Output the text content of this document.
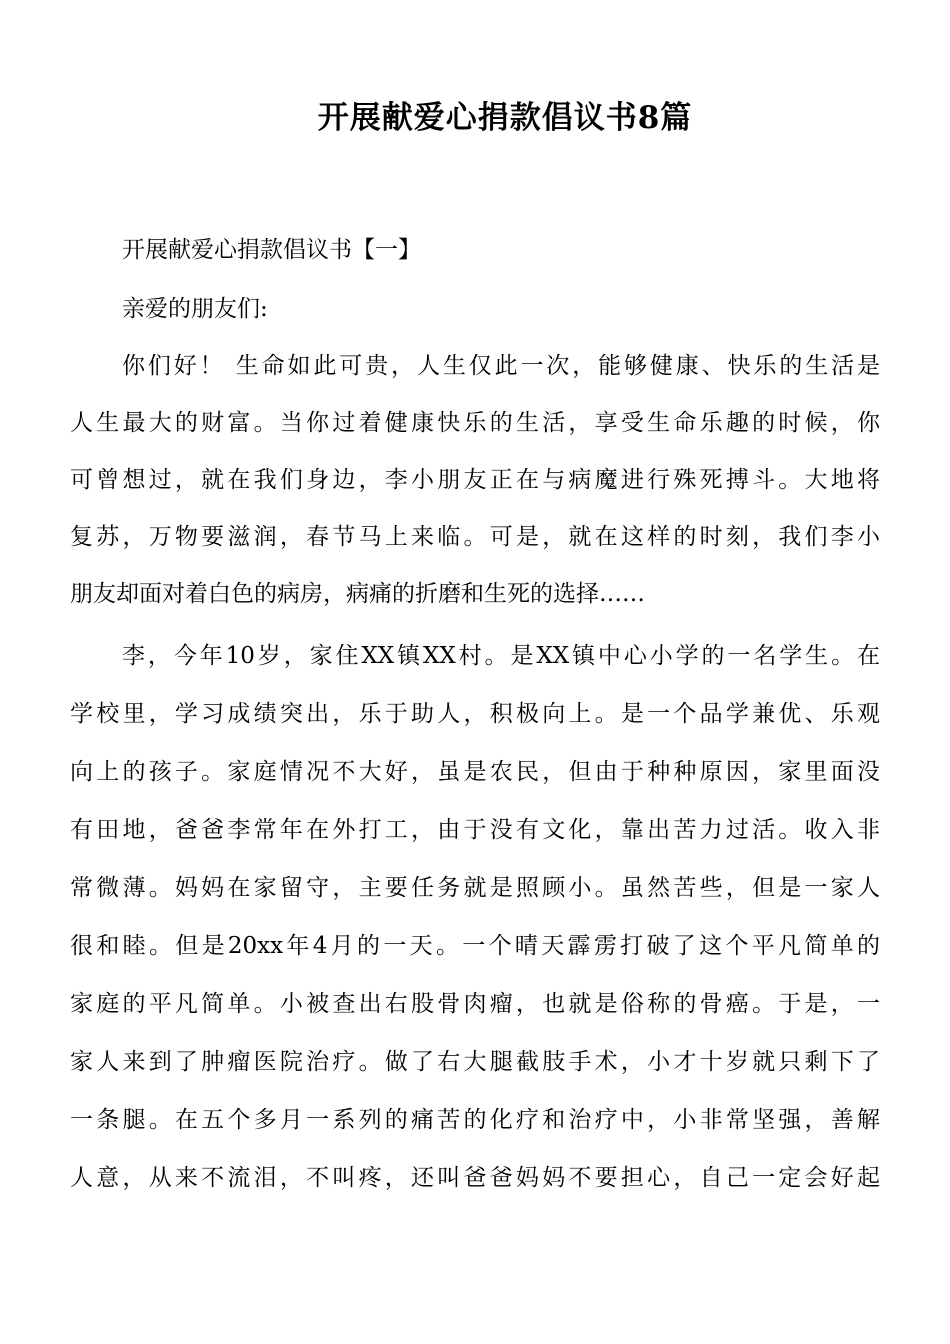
开展献爱心捐款倡议书8篇
开展献爱心捐款倡议书【一】
亲爱的朋友们:
你们好！ 生命如此可贵，人生仅此一次，能够健康、快乐的生活是
人生最大的财富。当你过着健康快乐的生活，享受生命乐趣的时候，你
可曾想过，就在我们身边，李小朋友正在与病魔进行殊死搏斗。大地将
复苏，万物要滋润，春节马上来临。可是，就在这样的时刻，我们李小
朋友却面对着白色的病房，病痛的折磨和生死的选择……
李，今年10岁，家住XX镇XX村。是XX镇中心小学的一名学生。在
学校里，学习成绩突出，乐于助人，积极向上。是一个品学兼优、乐观
向上的孩子。家庭情况不大好，虽是农民，但由于种种原因，家里面没
有田地，爸爸李常年在外打工，由于没有文化，靠出苦力过活。收入非
常微薄。妈妈在家留守，主要任务就是照顾小。虽然苦些，但是一家人
很和睦。但是20xx年4月的一天。一个晴天霹雳打破了这个平凡简单的
家庭的平凡简单。小被查出右股骨肉瘤，也就是俗称的骨癌。于是，一
家人来到了肿瘤医院治疗。做了右大腿截肢手术，小才十岁就只剩下了
一条腿。在五个多月一系列的痛苦的化疗和治疗中，小非常坚强，善解
人意，从来不流泪，不叫疼，还叫爸爸妈妈不要担心，自己一定会好起
